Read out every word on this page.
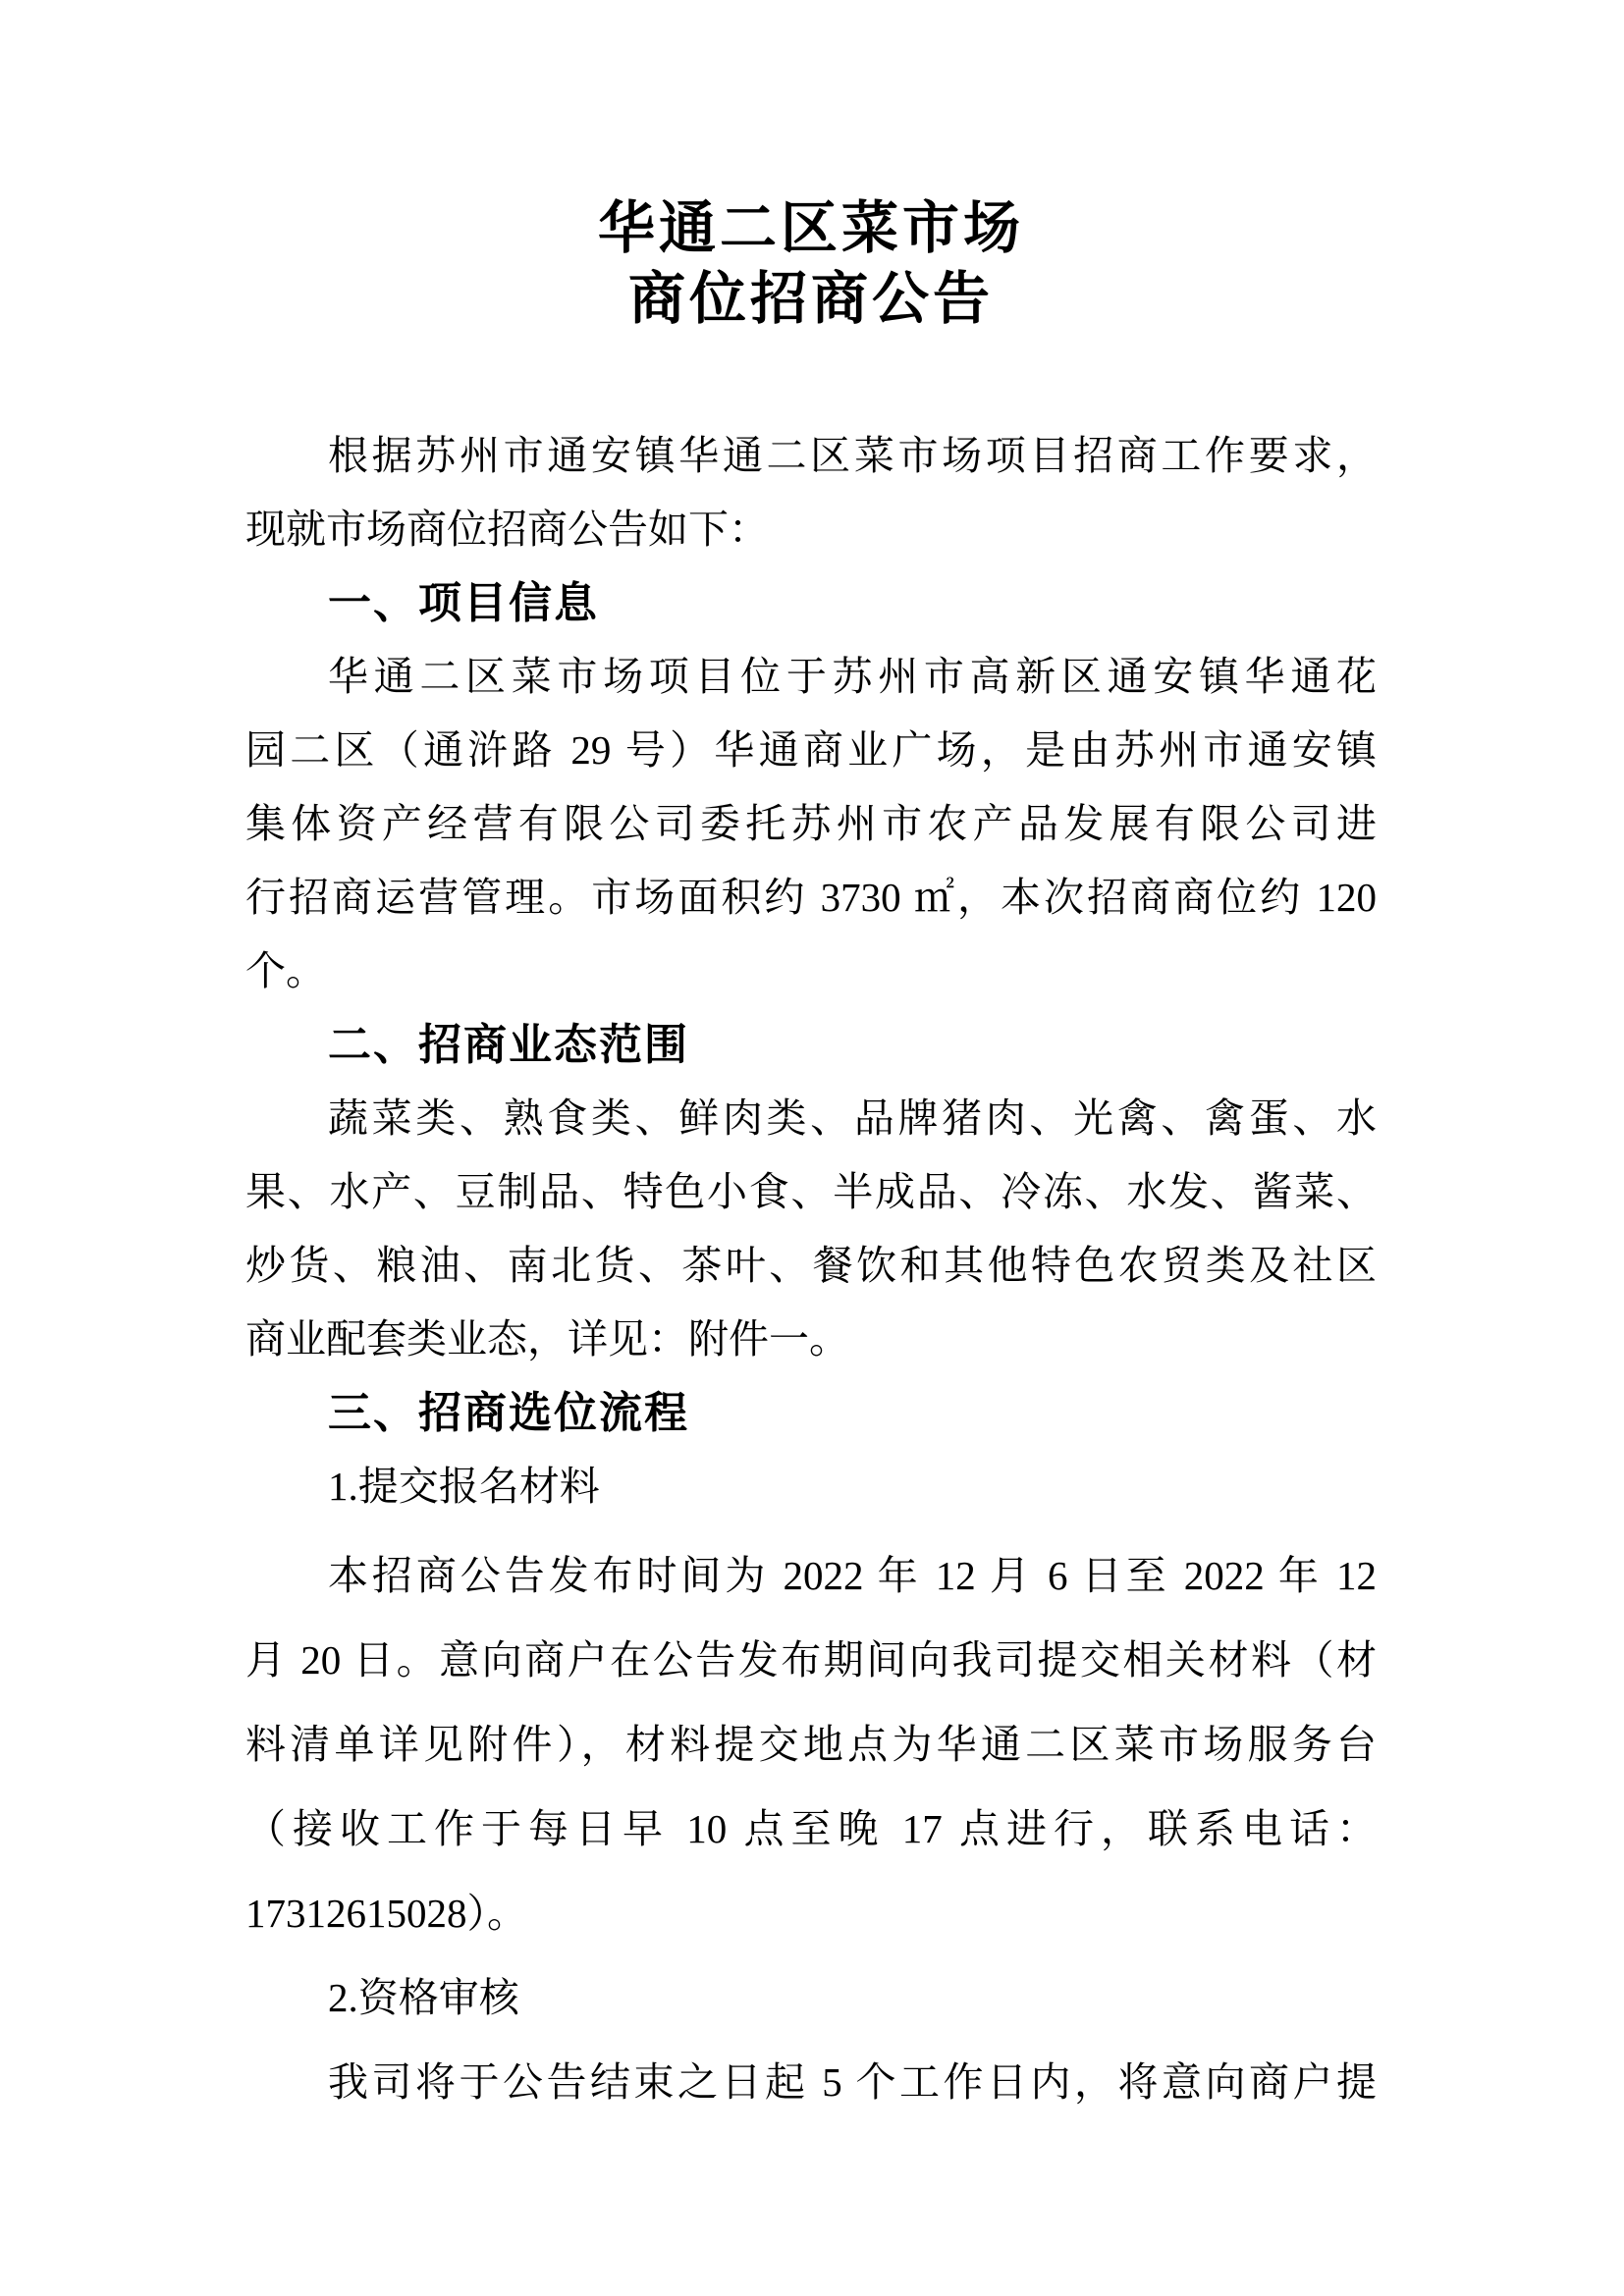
华通二区菜市场
商位招商公告
根据苏州市通安镇华通二区菜市场项目招商工作要求，
现就市场商位招商公告如下：
一、项目信息
华通二区菜市场项目位于苏州市高新区通安镇华通花
园二区（通浒路 29 号）华通商业广场，是由苏州市通安镇
集体资产经营有限公司委托苏州市农产品发展有限公司进
行招商运营管理。市场面积约 3730 ㎡，本次招商商位约 120
个。
二、招商业态范围
蔬菜类、熟食类、鲜肉类、品牌猪肉、光禽、禽蛋、水
果、水产、豆制品、特色小食、半成品、冷冻、水发、酱菜、
炒货、粮油、南北货、茶叶、餐饮和其他特色农贸类及社区
商业配套类业态，详见：附件一。
三、招商选位流程
1.提交报名材料
本招商公告发布时间为 2022 年 12 月 6 日至 2022 年 12
月 20 日。意向商户在公告发布期间向我司提交相关材料（材
料清单详见附件），材料提交地点为华通二区菜市场服务台
（接收工作于每日早 10 点至晚 17 点进行，联系电话：
17312615028）。
2.资格审核
我司将于公告结束之日起 5 个工作日内，将意向商户提
